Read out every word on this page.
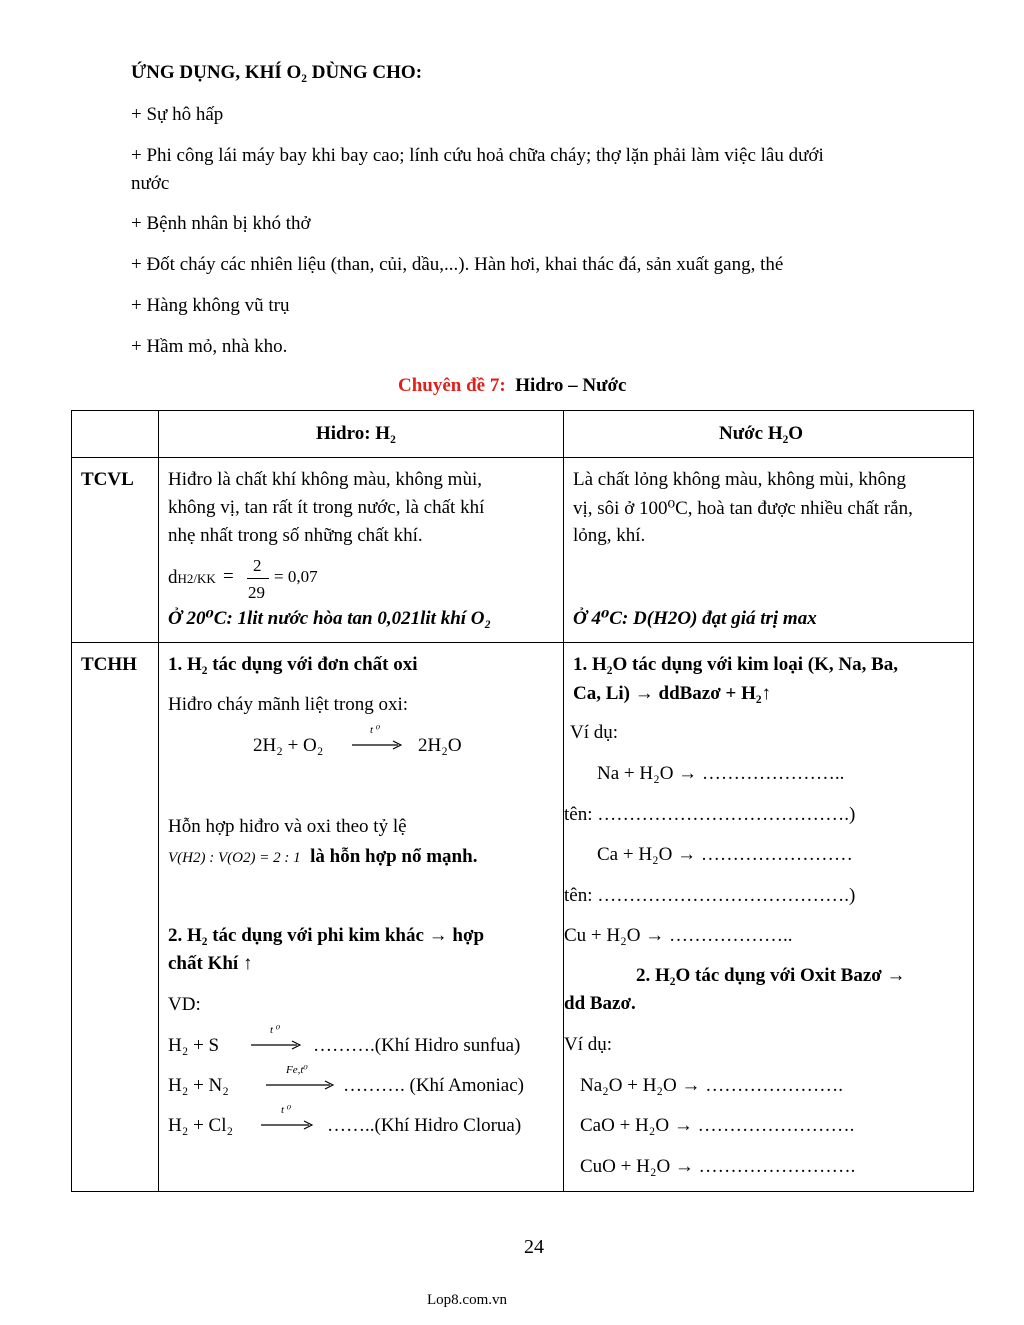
ỨNG DỤNG, KHÍ O₂ DÙNG CHO:
+ Sự hô hấp
+ Phi công lái máy bay khi bay cao; lính cứu hoả chữa cháy; thợ lặn phải làm việc lâu dưới
nước
+ Bệnh nhân bị khó thở
+ Đốt cháy các nhiên liệu (than, củi, dầu,...). Hàn hơi, khai thác đá, sản xuất gang, thé
+ Hàng không vũ trụ
+ Hầm mỏ, nhà kho.
Chuyên đề 7: Hidro – Nước
Hidro: H₂	Nước H₂O
TCVL Hiđro là chất khí không màu, không mùi,
không vị, tan rất ít trong nước, là chất khí
nhẹ nhất trong số những chất khí.
dH2/KK =
2
29
= 0,07
Ở 20⁰C: 1lit nước hòa tan 0,021lit khí O₂
Là chất lỏng không màu, không mùi, không
vị, sôi ở 100⁰C, hoà tan được nhiều chất rắn,
lỏng, khí.
Ở 4⁰C: D(H2O) đạt giá trị max
TCHH 1. H₂ tác dụng với đơn chất oxi
Hiđro cháy mãnh liệt trong oxi:
2H₂ + O₂
t ⁰
→ 2H₂O
Hỗn hợp hiđro và oxi theo tỷ lệ
V(H2) : V(O2) = 2 : 1 là hỗn hợp nổ mạnh.
2. H₂ tác dụng với phi kim khác → hợp
chất Khí ↑
VD:
H₂ + S
t ⁰
→ ……….(Khí Hidro sunfua)
H₂ + N₂
Fe,t⁰
→ ………. (Khí Amoniac)
H₂ + Cl₂
t ⁰
→ ……..(Khí Hidro Clorua)
1. H₂O tác dụng với kim loại (K, Na, Ba,
Ca, Li) → ddBazơ + H₂↑
Ví dụ:
Na + H₂O → …………………..
tên: ………………………………….)
Ca + H₂O → ……………………
tên: ………………………………….)
Cu + H₂O → ………………..
2. H₂O tác dụng với Oxit Bazơ →
dd Bazơ.
Ví dụ:
Na₂O + H₂O → ………………….
CaO + H₂O → …………………….
CuO + H₂O → …………………….
24
Lop8.com.vn
